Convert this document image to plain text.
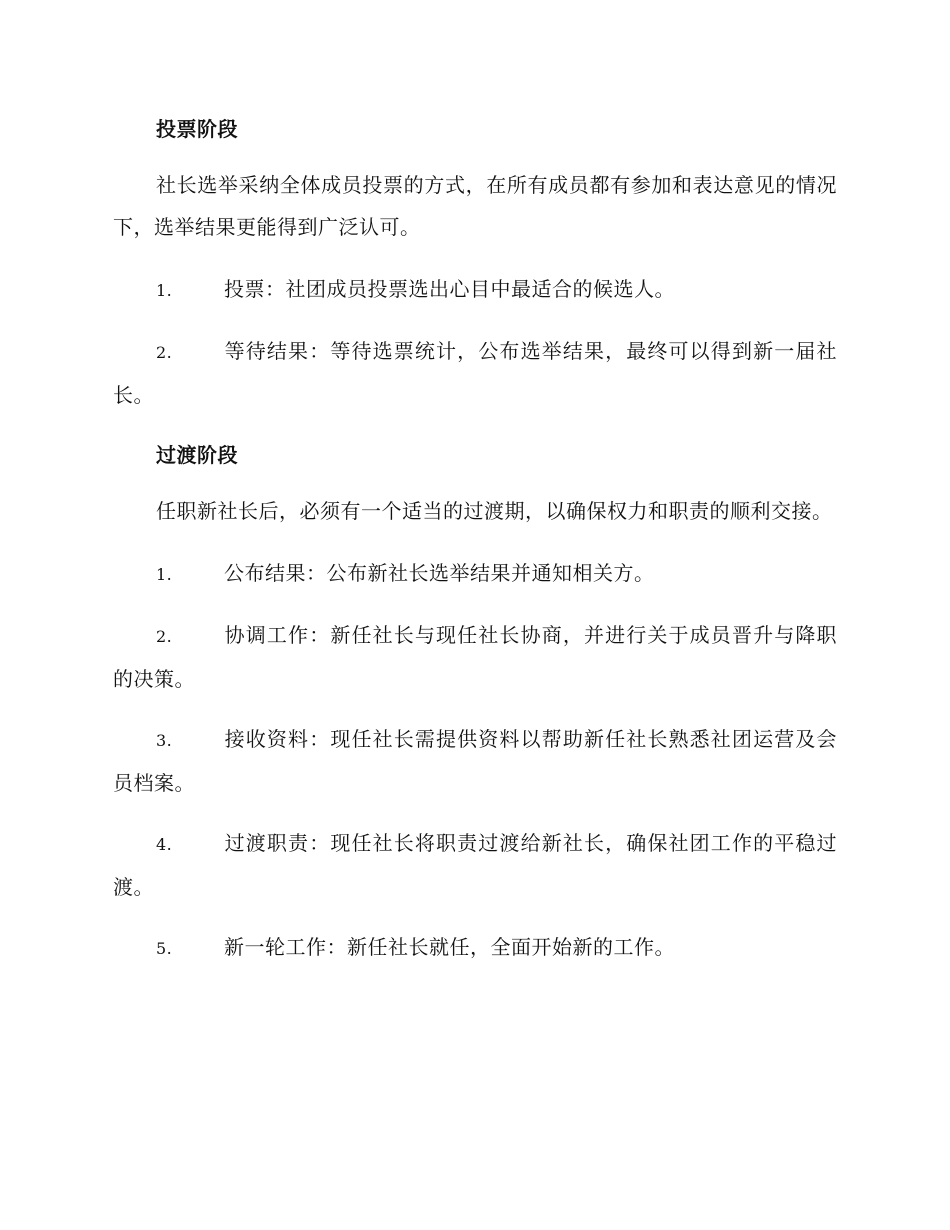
投票阶段

社长选举采纳全体成员投票的方式，在所有成员都有参加和表达意见的情况下，选举结果更能得到广泛认可。

1.	投票：社团成员投票选出心目中最适合的候选人。

2.	等待结果：等待选票统计，公布选举结果，最终可以得到新一届社长。

过渡阶段

任职新社长后，必须有一个适当的过渡期，以确保权力和职责的顺利交接。

1.	公布结果：公布新社长选举结果并通知相关方。

2.	协调工作：新任社长与现任社长协商，并进行关于成员晋升与降职的决策。

3.	接收资料：现任社长需提供资料以帮助新任社长熟悉社团运营及会员档案。

4.	过渡职责：现任社长将职责过渡给新社长，确保社团工作的平稳过渡。

5.	新一轮工作：新任社长就任，全面开始新的工作。
